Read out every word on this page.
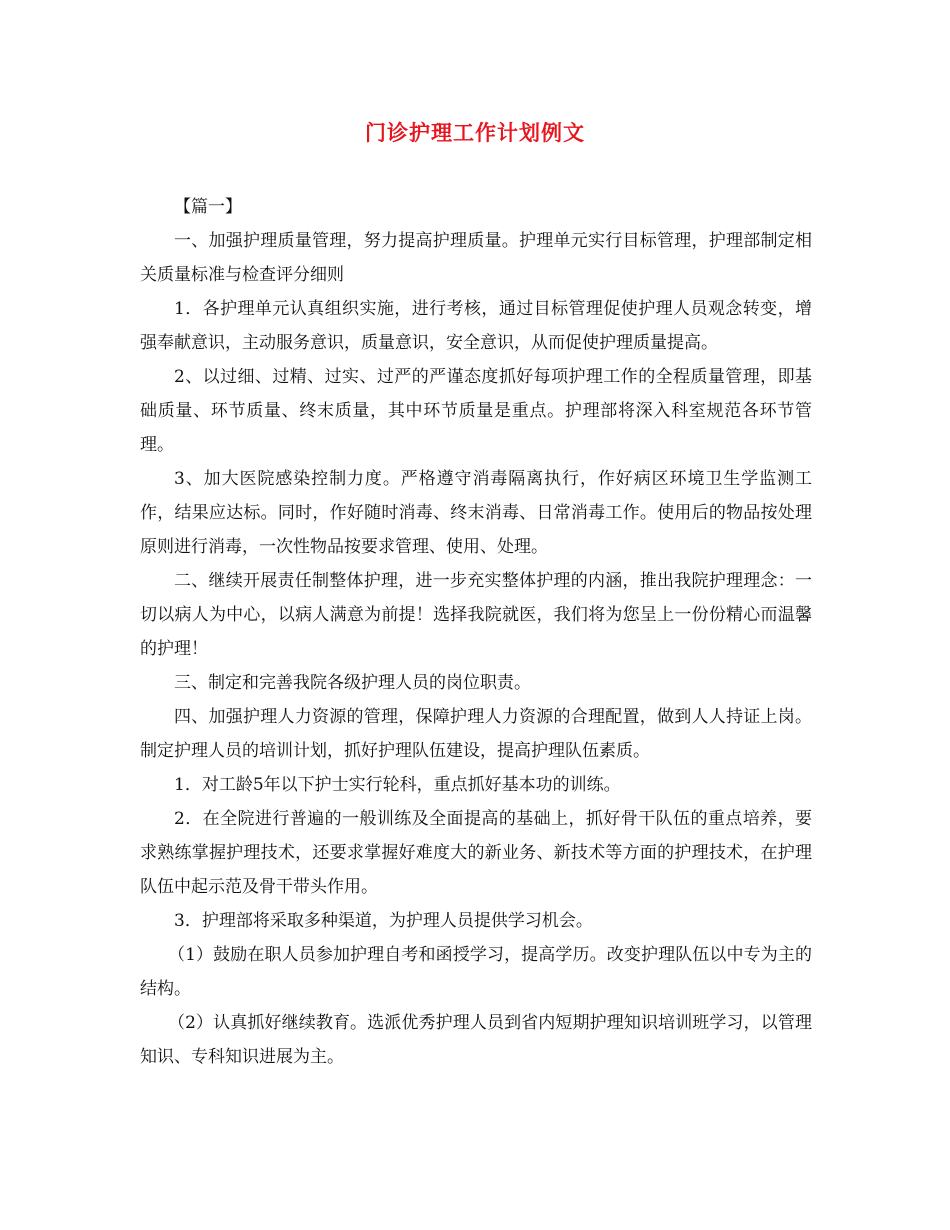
门诊护理工作计划例文

【篇一】

一、加强护理质量管理，努力提高护理质量。护理单元实行目标管理，护理部制定相关质量标准与检查评分细则

1．各护理单元认真组织实施，进行考核，通过目标管理促使护理人员观念转变，增强奉献意识，主动服务意识，质量意识，安全意识，从而促使护理质量提高。

2、以过细、过精、过实、过严的严谨态度抓好每项护理工作的全程质量管理，即基础质量、环节质量、终末质量，其中环节质量是重点。护理部将深入科室规范各环节管理。

3、加大医院感染控制力度。严格遵守消毒隔离执行，作好病区环境卫生学监测工作，结果应达标。同时，作好随时消毒、终末消毒、日常消毒工作。使用后的物品按处理原则进行消毒，一次性物品按要求管理、使用、处理。

二、继续开展责任制整体护理，进一步充实整体护理的内涵，推出我院护理理念：一切以病人为中心，以病人满意为前提！选择我院就医，我们将为您呈上一份份精心而温馨的护理！

三、制定和完善我院各级护理人员的岗位职责。

四、加强护理人力资源的管理，保障护理人力资源的合理配置，做到人人持证上岗。制定护理人员的培训计划，抓好护理队伍建设，提高护理队伍素质。

1．对工龄5年以下护士实行轮科，重点抓好基本功的训练。

2．在全院进行普遍的一般训练及全面提高的基础上，抓好骨干队伍的重点培养，要求熟练掌握护理技术，还要求掌握好难度大的新业务、新技术等方面的护理技术，在护理队伍中起示范及骨干带头作用。

3．护理部将采取多种渠道，为护理人员提供学习机会。

（1）鼓励在职人员参加护理自考和函授学习，提高学历。改变护理队伍以中专为主的结构。

（2）认真抓好继续教育。选派优秀护理人员到省内短期护理知识培训班学习，以管理知识、专科知识进展为主。
